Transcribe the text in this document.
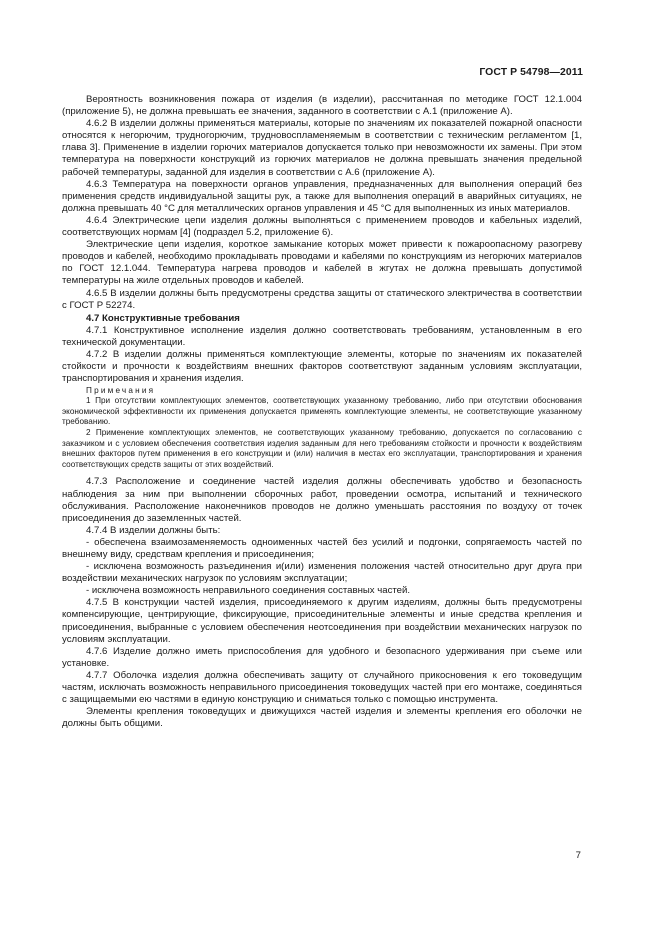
ГОСТ Р 54798—2011

Вероятность возникновения пожара от изделия (в изделии), рассчитанная по методике ГОСТ 12.1.004 (приложение 5), не должна превышать ее значения, заданного в соответствии с А.1 (приложение А).

4.6.2 В изделии должны применяться материалы, которые по значениям их показателей пожарной опасности относятся к негорючим, трудногорючим, трудновоспламеняемым в соответствии с техническим регламентом [1, глава 3]. Применение в изделии горючих материалов допускается только при невозможности их замены. При этом температура на поверхности конструкций из горючих материалов не должна превышать значения предельной рабочей температуры, заданной для изделия в соответствии с А.6 (приложение А).

4.6.3 Температура на поверхности органов управления, предназначенных для выполнения операций без применения средств индивидуальной защиты рук, а также для выполнения операций в аварийных ситуациях, не должна превышать 40 °С для металлических органов управления и 45 °С для выполненных из иных материалов.

4.6.4 Электрические цепи изделия должны выполняться с применением проводов и кабельных изделий, соответствующих нормам [4] (подраздел 5.2, приложение 6).

Электрические цепи изделия, короткое замыкание которых может привести к пожароопасному разогреву проводов и кабелей, необходимо прокладывать проводами и кабелями по конструкциям из негорючих материалов по ГОСТ 12.1.044. Температура нагрева проводов и кабелей в жгутах не должна превышать допустимой температуры на жиле отдельных проводов и кабелей.

4.6.5 В изделии должны быть предусмотрены средства защиты от статического электричества в соответствии с ГОСТ Р 52274.

4.7 Конструктивные требования

4.7.1 Конструктивное исполнение изделия должно соответствовать требованиям, установленным в его технической документации.

4.7.2 В изделии должны применяться комплектующие элементы, которые по значениям их показателей стойкости и прочности к воздействиям внешних факторов соответствуют заданным условиям эксплуатации, транспортирования и хранения изделия.

Примечания

1 При отсутствии комплектующих элементов, соответствующих указанному требованию, либо при отсутствии обоснования экономической эффективности их применения допускается применять комплектующие элементы, не соответствующие указанному требованию.

2 Применение комплектующих элементов, не соответствующих указанному требованию, допускается по согласованию с заказчиком и с условием обеспечения соответствия изделия заданным для него требованиям стойкости и прочности к воздействиям внешних факторов путем применения в его конструкции и (или) наличия в местах его эксплуатации, транспортирования и хранения соответствующих средств защиты от этих воздействий.

4.7.3 Расположение и соединение частей изделия должны обеспечивать удобство и безопасность наблюдения за ним при выполнении сборочных работ, проведении осмотра, испытаний и технического обслуживания. Расположение наконечников проводов не должно уменьшать расстояния по воздуху от точек присоединения до заземленных частей.

4.7.4 В изделии должны быть:

- обеспечена взаимозаменяемость одноименных частей без усилий и подгонки, сопрягаемость частей по внешнему виду, средствам крепления и присоединения;

- исключена возможность разъединения и(или) изменения положения частей относительно друг друга при воздействии механических нагрузок по условиям эксплуатации;

- исключена возможность неправильного соединения составных частей.

4.7.5 В конструкции частей изделия, присоединяемого к другим изделиям, должны быть предусмотрены компенсирующие, центрирующие, фиксирующие, присоединительные элементы и иные средства крепления и присоединения, выбранные с условием обеспечения неотсоединения при воздействии механических нагрузок по условиям эксплуатации.

4.7.6 Изделие должно иметь приспособления для удобного и безопасного удерживания при съеме или установке.

4.7.7 Оболочка изделия должна обеспечивать защиту от случайного прикосновения к его токоведущим частям, исключать возможность неправильного присоединения токоведущих частей при его монтаже, соединяться с защищаемыми ею частями в единую конструкцию и сниматься только с помощью инструмента.

Элементы крепления токоведущих и движущихся частей изделия и элементы крепления его оболочки не должны быть общими.

7
